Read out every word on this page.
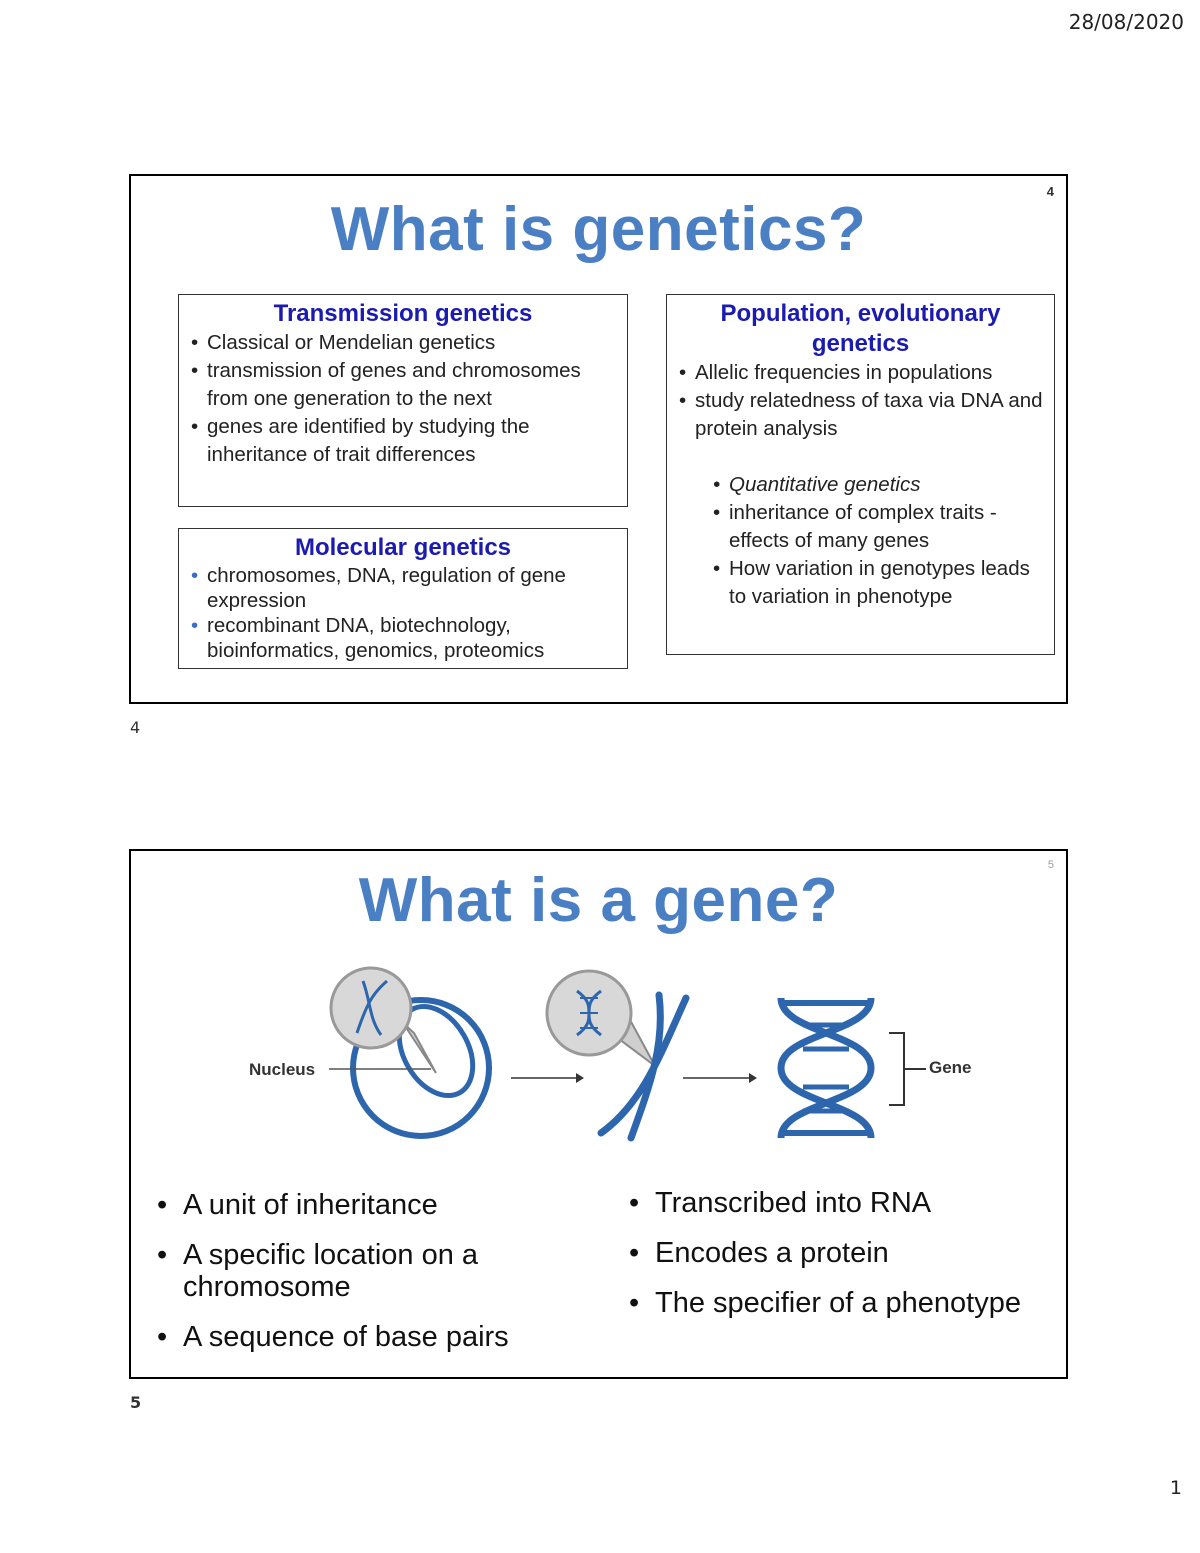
28/08/2020
4
What is genetics?
Transmission genetics
• Classical or Mendelian genetics
• transmission of genes and chromosomes from one generation to the next
• genes are identified by studying the inheritance of trait differences
Molecular genetics
• chromosomes, DNA, regulation of gene expression
• recombinant DNA, biotechnology, bioinformatics, genomics, proteomics
Population, evolutionary genetics
• Allelic frequencies in populations
• study relatedness of taxa via DNA and protein analysis
• Quantitative genetics
• inheritance of complex traits - effects of many genes
• How variation in genotypes leads to variation in phenotype
4
5
What is a gene?
Nucleus	Gene
• A unit of inheritance
• A specific location on a chromosome
• A sequence of base pairs
• Transcribed into RNA
• Encodes a protein
• The specifier of a phenotype
5
1
